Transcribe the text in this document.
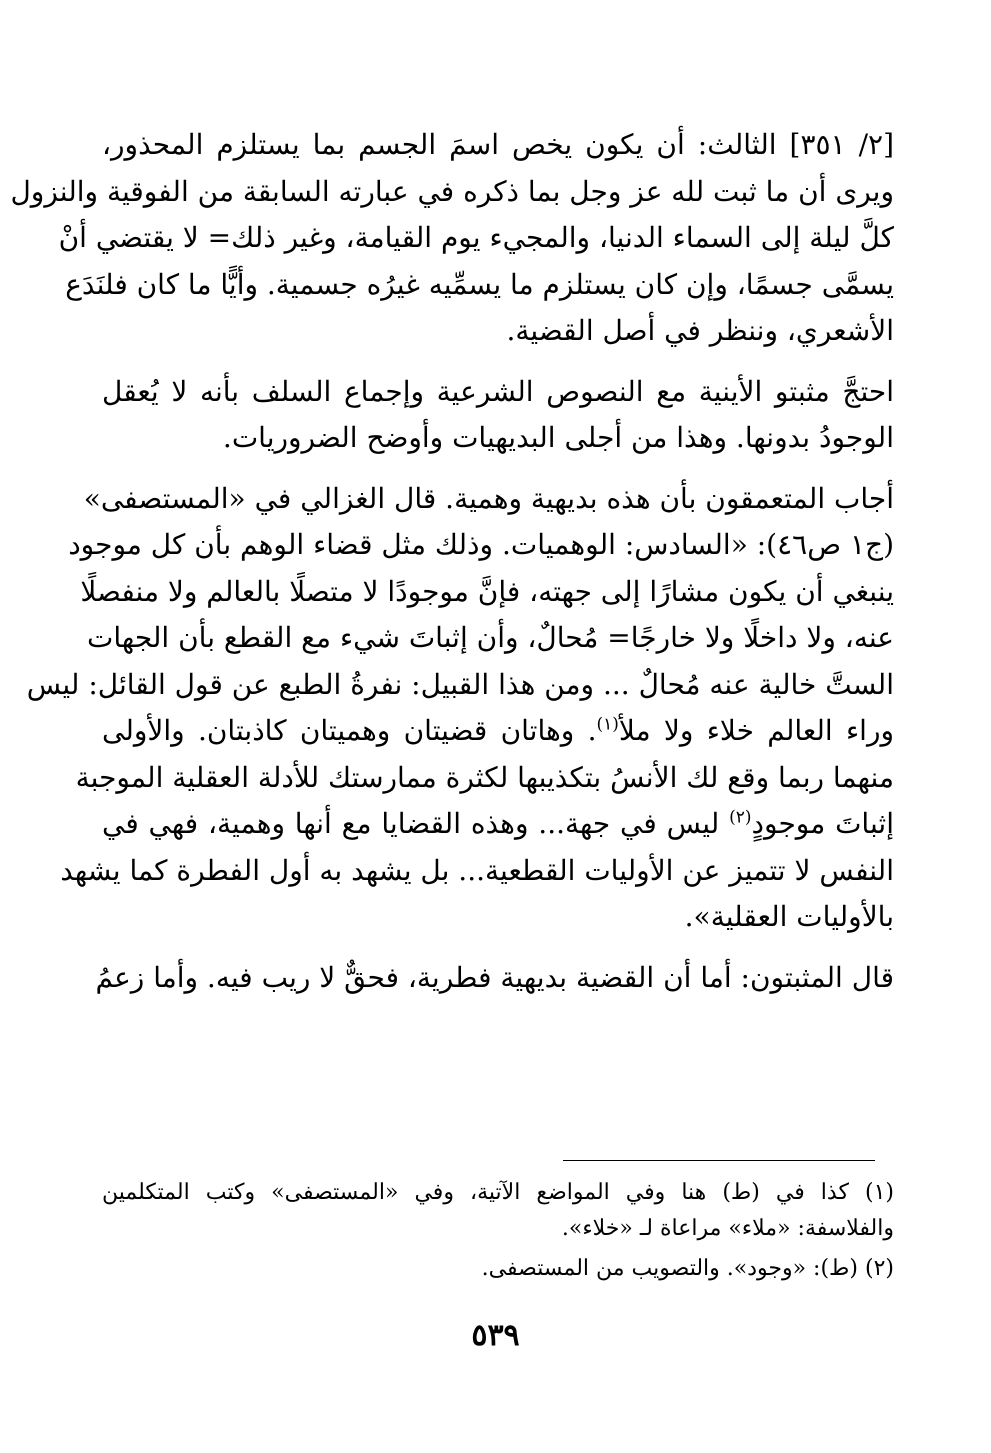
[٢/ ٣٥١] الثالث: أن يكون يخص اسمَ الجسم بما يستلزم المحذور،
ويرى أن ما ثبت لله عز وجل بما ذكره في عبارته السابقة من الفوقية والنزول
كلَّ ليلة إلى السماء الدنيا، والمجيء يوم القيامة، وغير ذلك= لا يقتضي أنْ
يسمَّى جسمًا، وإن كان يستلزم ما يسمِّيه غيرُه جسمية. وأيًّا ما كان فلنَدَع
الأشعري، وننظر في أصل القضية.

احتجَّ مثبتو الأينية مع النصوص الشرعية وإجماع السلف بأنه لا يُعقل
الوجودُ بدونها. وهذا من أجلى البديهيات وأوضح الضروريات.

أجاب المتعمقون بأن هذه بديهية وهمية. قال الغزالي في «المستصفى»
(ج١ ص٤٦): «السادس: الوهميات. وذلك مثل قضاء الوهم بأن كل موجود
ينبغي أن يكون مشارًا إلى جهته، فإنَّ موجودًا لا متصلًا بالعالم ولا منفصلًا
عنه، ولا داخلًا ولا خارجًا= مُحالٌ، وأن إثباتَ شيء مع القطع بأن الجهات
الستَّ خالية عنه مُحالٌ ... ومن هذا القبيل: نفرةُ الطبع عن قول القائل: ليس
وراء العالم خلاء ولا ملأ$^{(١)}$. وهاتان قضيتان وهميتان كاذبتان. والأولى
منهما ربما وقع لك الأنسُ بتكذيبها لكثرة ممارستك للأدلة العقلية الموجبة
إثباتَ موجودٍ$^{(٢)}$ ليس في جهة... وهذه القضايا مع أنها وهمية، فهي في
النفس لا تتميز عن الأوليات القطعية... بل يشهد به أول الفطرة كما يشهد
بالأوليات العقلية».

قال المثبتون: أما أن القضية بديهية فطرية، فحقٌّ لا ريب فيه. وأما زعمُ

(١) كذا في (ط) هنا وفي المواضع الآتية، وفي «المستصفى» وكتب المتكلمين
والفلاسفة: «ملاء» مراعاة لـ «خلاء».

(٢) (ط): «وجود». والتصويب من المستصفى.

٥٣٩
